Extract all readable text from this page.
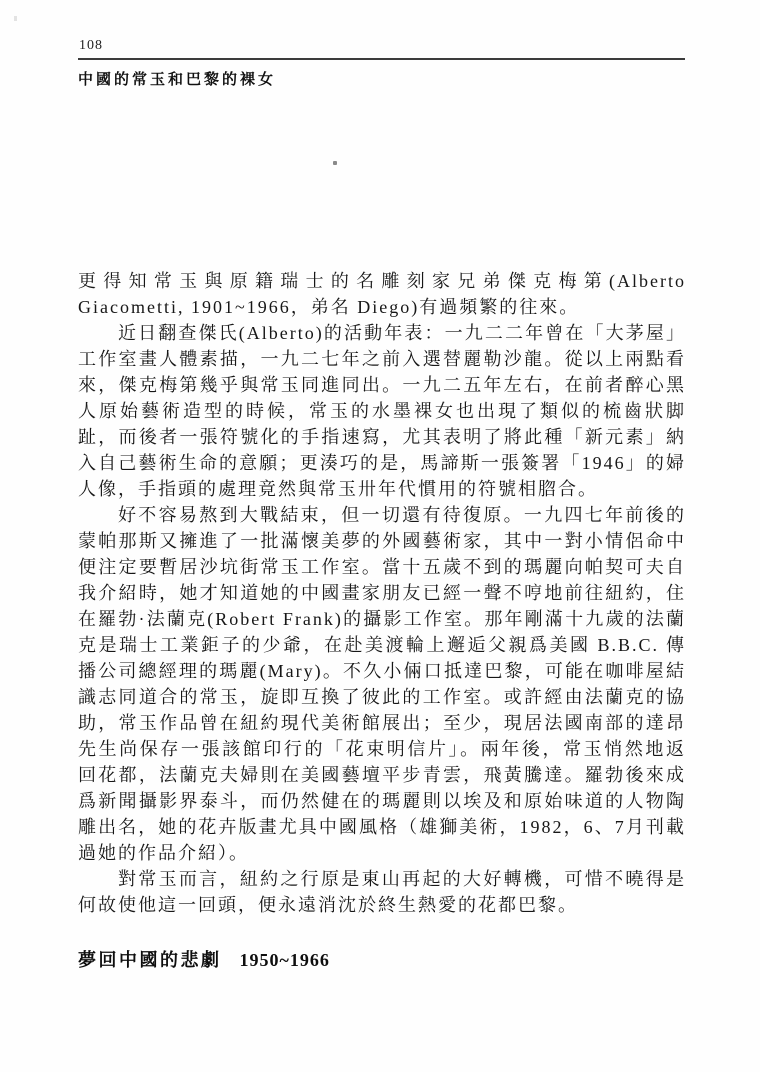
108
中國的常玉和巴黎的裸女

更得知常玉與原籍瑞士的名雕刻家兄弟傑克梅第(Alberto Giacometti, 1901~1966，弟名 Diego)有過頻繁的往來。

近日翻查傑氏(Alberto)的活動年表：一九二二年曾在「大茅屋」工作室畫人體素描，一九二七年之前入選替麗勒沙龍。從以上兩點看來，傑克梅第幾乎與常玉同進同出。一九二五年左右，在前者醉心黑人原始藝術造型的時候，常玉的水墨裸女也出現了類似的梳齒狀脚趾，而後者一張符號化的手指速寫，尤其表明了將此種「新元素」納入自己藝術生命的意願；更湊巧的是，馬諦斯一張簽署「1946」的婦人像，手指頭的處理竟然與常玉卅年代慣用的符號相脗合。

好不容易熬到大戰結束，但一切還有待復原。一九四七年前後的蒙帕那斯又擁進了一批滿懷美夢的外國藝術家，其中一對小情侶命中便注定要暫居沙坑街常玉工作室。當十五歲不到的瑪麗向帕契可夫自我介紹時，她才知道她的中國畫家朋友已經一聲不哼地前往紐約，住在羅勃·法蘭克(Robert Frank)的攝影工作室。那年剛滿十九歲的法蘭克是瑞士工業鉅子的少爺，在赴美渡輪上邂逅父親爲美國 B.B.C. 傳播公司總經理的瑪麗(Mary)。不久小倆口抵達巴黎，可能在咖啡屋結識志同道合的常玉，旋即互換了彼此的工作室。或許經由法蘭克的協助，常玉作品曾在紐約現代美術館展出；至少，現居法國南部的達昂先生尚保存一張該館印行的「花束明信片」。兩年後，常玉悄然地返回花都，法蘭克夫婦則在美國藝壇平步青雲，飛黃騰達。羅勃後來成爲新聞攝影界泰斗，而仍然健在的瑪麗則以埃及和原始味道的人物陶雕出名，她的花卉版畫尤具中國風格（雄獅美術，1982，6、7月刊載過她的作品介紹）。

對常玉而言，紐約之行原是東山再起的大好轉機，可惜不曉得是何故使他這一回頭，便永遠消沈於終生熱愛的花都巴黎。

夢回中國的悲劇 1950~1966
